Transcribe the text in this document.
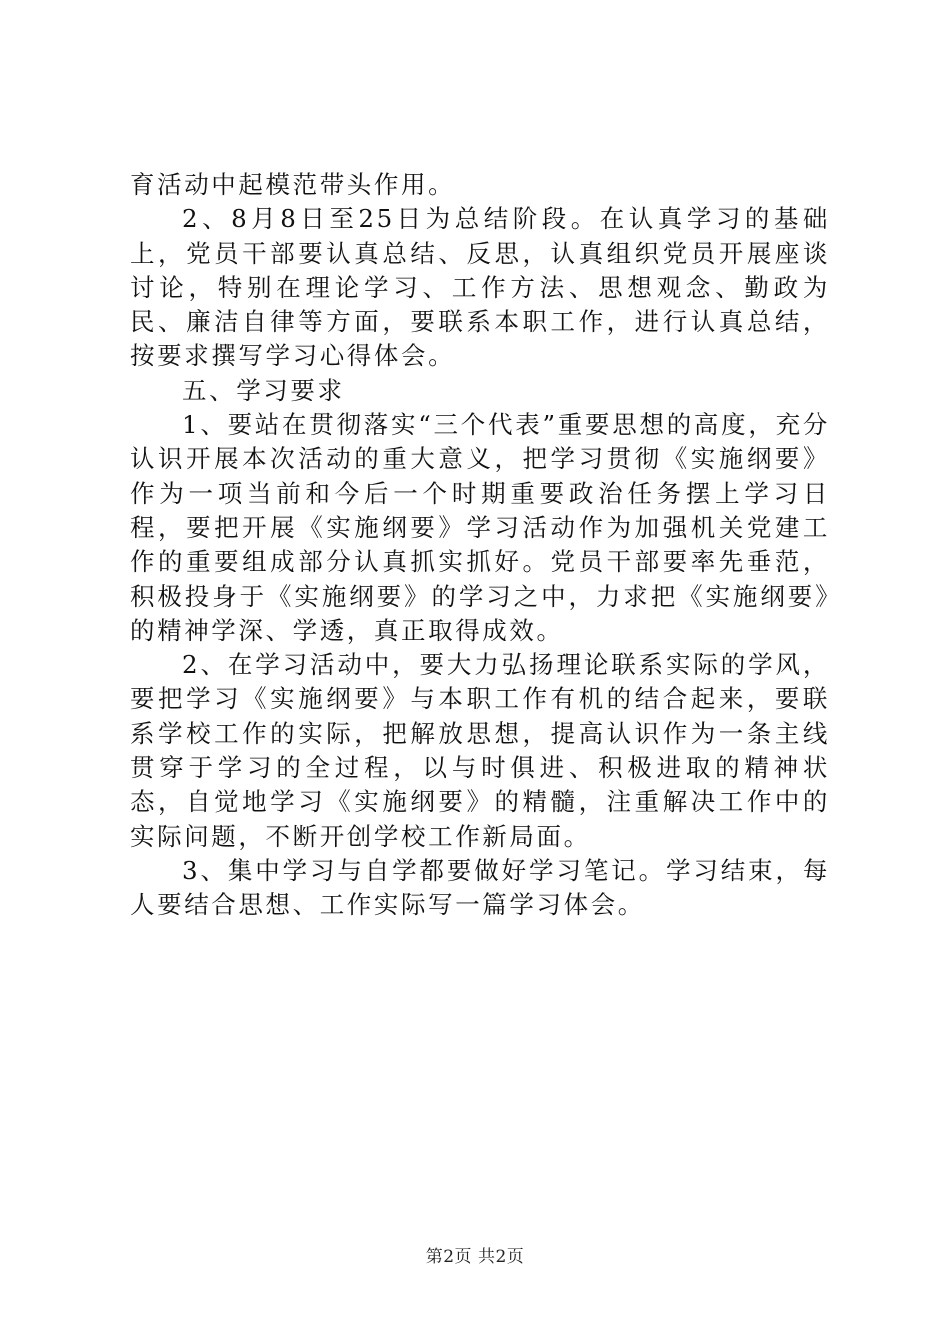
育活动中起模范带头作用。

2、8月8日至25日为总结阶段。在认真学习的基础上，党员干部要认真总结、反思，认真组织党员开展座谈讨论，特别在理论学习、工作方法、思想观念、勤政为民、廉洁自律等方面，要联系本职工作，进行认真总结，按要求撰写学习心得体会。

五、学习要求

1、要站在贯彻落实“三个代表”重要思想的高度，充分认识开展本次活动的重大意义，把学习贯彻《实施纲要》作为一项当前和今后一个时期重要政治任务摆上学习日程，要把开展《实施纲要》学习活动作为加强机关党建工作的重要组成部分认真抓实抓好。党员干部要率先垂范，积极投身于《实施纲要》的学习之中，力求把《实施纲要》的精神学深、学透，真正取得成效。

2、在学习活动中，要大力弘扬理论联系实际的学风，要把学习《实施纲要》与本职工作有机的结合起来，要联系学校工作的实际，把解放思想，提高认识作为一条主线贯穿于学习的全过程，以与时俱进、积极进取的精神状态，自觉地学习《实施纲要》的精髓，注重解决工作中的实际问题，不断开创学校工作新局面。

3、集中学习与自学都要做好学习笔记。学习结束，每人要结合思想、工作实际写一篇学习体会。

第2页 共2页
